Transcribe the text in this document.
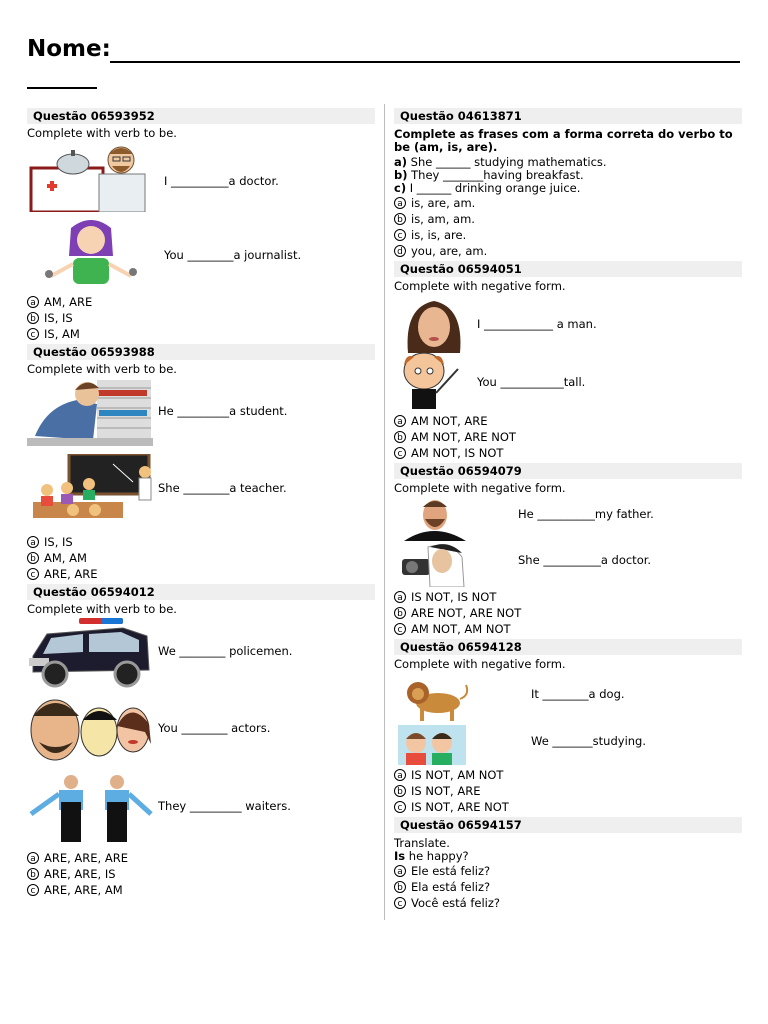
Nome:
Questão 06593952
Complete with verb to be.
I __________a doctor.
You ________a journalist.
a AM, ARE
b IS, IS
c IS, AM
Questão 06593988
Complete with verb to be.
He _________a student.
She ________a teacher.
a IS, IS
b AM, AM
c ARE, ARE
Questão 06594012
Complete with verb to be.
We ________ policemen.
You ________ actors.
They _________ waiters.
a ARE, ARE, ARE
b ARE, ARE, IS
c ARE, ARE, AM
Questão 04613871
Complete as frases com a forma correta do verbo to be (am, is, are).
a) She ______ studying mathematics.
b) They _______having breakfast.
c) I ______ drinking orange juice.
a is, are, am.
b is, am, am.
c is, is, are.
d you, are, am.
Questão 06594051
Complete with negative form.
I ____________ a man.
You ___________tall.
a AM NOT, ARE
b AM NOT, ARE NOT
c AM NOT, IS NOT
Questão 06594079
Complete with negative form.
He __________my father.
She __________a doctor.
a IS NOT, IS NOT
b ARE NOT, ARE NOT
c AM NOT, AM NOT
Questão 06594128
Complete with negative form.
It ________a dog.
We _______studying.
a IS NOT, AM NOT
b IS NOT, ARE
c IS NOT, ARE NOT
Questão 06594157
Translate.
Is he happy?
a Ele está feliz?
b Ela está feliz?
c Você está feliz?
